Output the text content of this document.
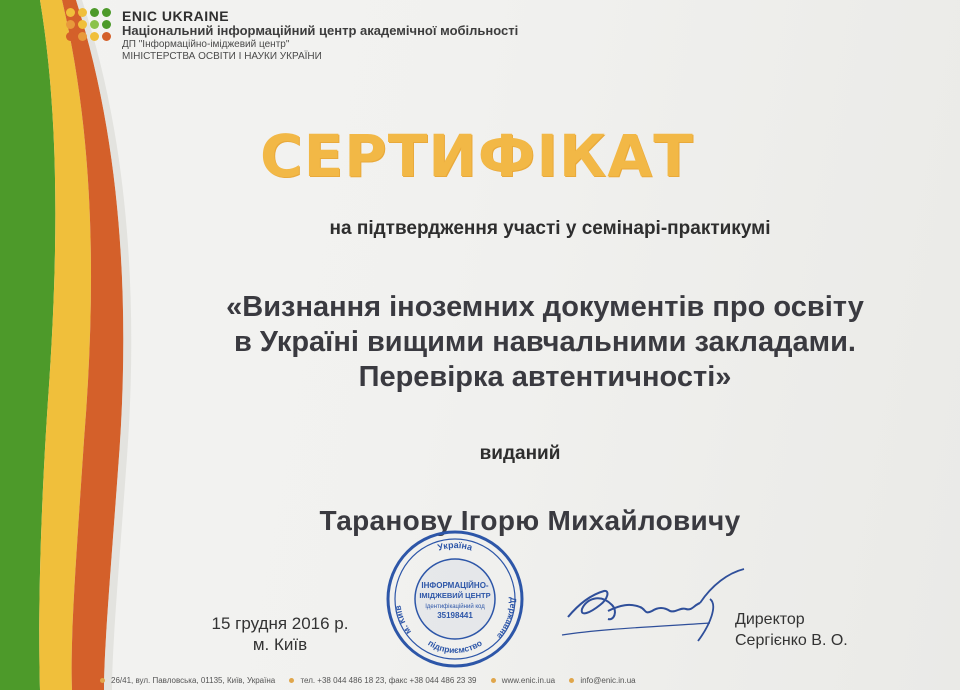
ENIC UKRAINE
Національний інформаційний центр академічної мобільності
ДП "Інформаційно-іміджевий центр"
МІНІСТЕРСТВА ОСВІТИ І НАУКИ УКРАЇНИ
СЕРТИФІКАТ
на підтвердження участі у семінарі-практикумі
«Визнання іноземних документів про освіту
в Україні вищими навчальними закладами.
Перевірка автентичності»
виданий
Таранову Ігорю Михайловичу
15 грудня 2016 р.
м. Київ
Україна
м. Київ
Державне
підприємство
ІНФОРМАЦІЙНО-
ІМІДЖЕВИЙ ЦЕНТР
Ідентифікаційний код
35198441	Директор
Сергієнко В. О.
26/41, вул. Павловська, 01135, Київ, Україна	тел. +38 044 486 18 23, факс +38 044 486 23 39	www.enic.in.ua	info@enic.in.ua
